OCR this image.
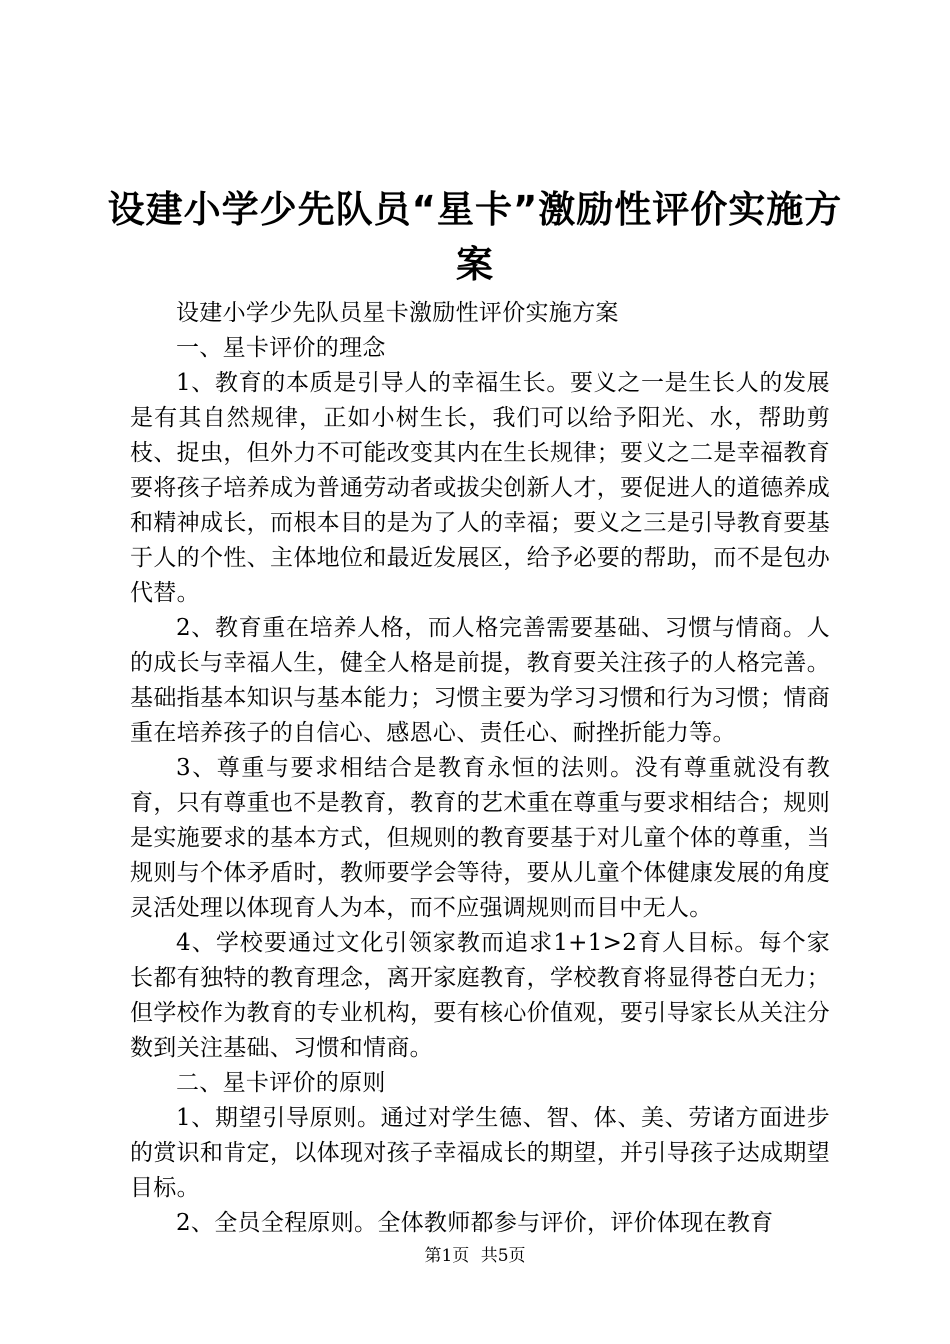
设建小学少先队员“星卡”激励性评价实施方
案

设建小学少先队员星卡激励性评价实施方案

一、星卡评价的理念

1、教育的本质是引导人的幸福生长。要义之一是生长人的发展是有其自然规律，正如小树生长，我们可以给予阳光、水，帮助剪枝、捉虫，但外力不可能改变其内在生长规律；要义之二是幸福教育要将孩子培养成为普通劳动者或拔尖创新人才，要促进人的道德养成和精神成长，而根本目的是为了人的幸福；要义之三是引导教育要基于人的个性、主体地位和最近发展区，给予必要的帮助，而不是包办代替。

2、教育重在培养人格，而人格完善需要基础、习惯与情商。人的成长与幸福人生，健全人格是前提，教育要关注孩子的人格完善。基础指基本知识与基本能力；习惯主要为学习习惯和行为习惯；情商重在培养孩子的自信心、感恩心、责任心、耐挫折能力等。

3、尊重与要求相结合是教育永恒的法则。没有尊重就没有教育，只有尊重也不是教育，教育的艺术重在尊重与要求相结合；规则是实施要求的基本方式，但规则的教育要基于对儿童个体的尊重，当规则与个体矛盾时，教师要学会等待，要从儿童个体健康发展的角度灵活处理以体现育人为本，而不应强调规则而目中无人。

4、学校要通过文化引领家教而追求1+1>2育人目标。每个家长都有独特的教育理念，离开家庭教育，学校教育将显得苍白无力；但学校作为教育的专业机构，要有核心价值观，要引导家长从关注分数到关注基础、习惯和情商。

二、星卡评价的原则

1、期望引导原则。通过对学生德、智、体、美、劳诸方面进步的赏识和肯定，以体现对孩子幸福成长的期望，并引导孩子达成期望目标。

2、全员全程原则。全体教师都参与评价，评价体现在教育

第1页 共5页
